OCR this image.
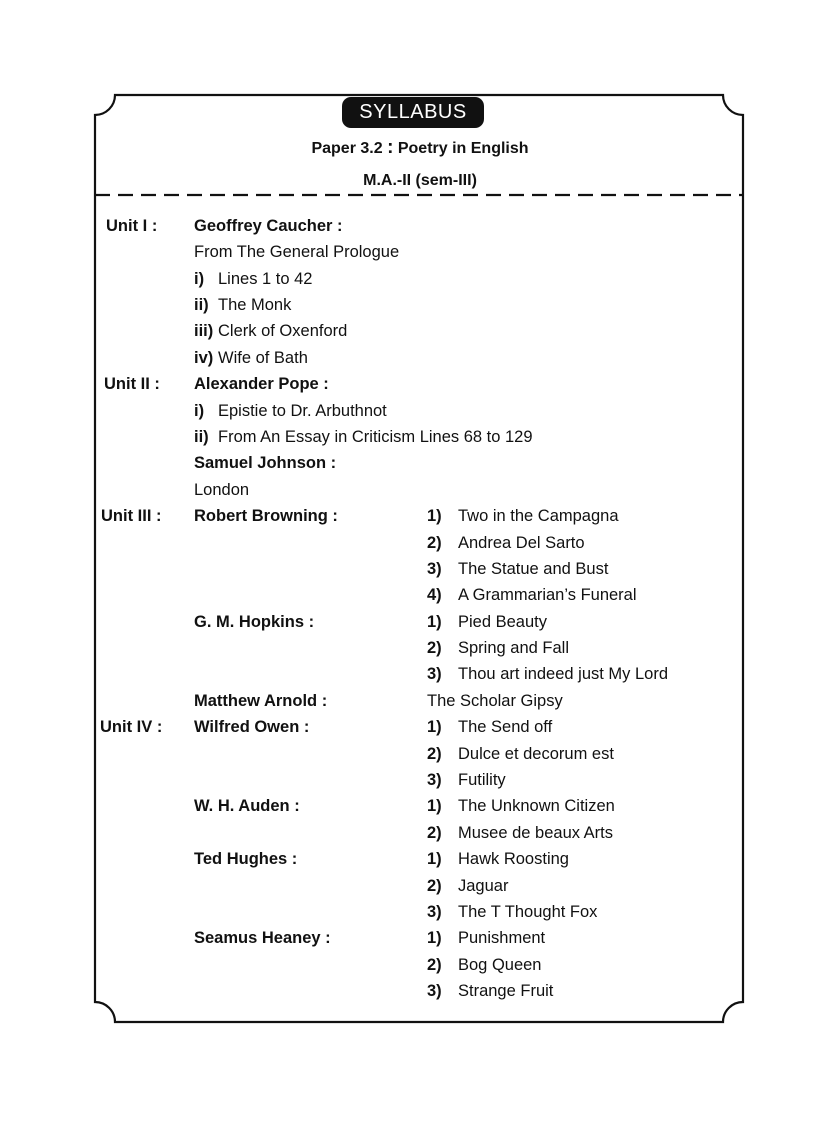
SYLLABUS
Paper 3.2 : Poetry in English
M.A.-II (sem-III)
Unit I : Geoffrey Caucher :
From The General Prologue
i) Lines 1 to 42
ii) The Monk
iii) Clerk of Oxenford
iv) Wife of Bath
Unit II : Alexander Pope :
i) Epistie to Dr. Arbuthnot
ii) From An Essay in Criticism Lines 68 to 129
Samuel Johnson :
London
Unit III : Robert Browning :	1) Two in the Campagna
2) Andrea Del Sarto
3) The Statue and Bust
4) A Grammarian’s Funeral
G. M. Hopkins :	1) Pied Beauty
2) Spring and Fall
3) Thou art indeed just My Lord
Matthew Arnold :	The Scholar Gipsy
Unit IV : Wilfred Owen :	1) The Send off
2) Dulce et decorum est
3) Futility
W. H. Auden :	1) The Unknown Citizen
2) Musee de beaux Arts
Ted Hughes :	1) Hawk Roosting
2) Jaguar
3) The T Thought Fox
Seamus Heaney :	1) Punishment
2) Bog Queen
3) Strange Fruit
